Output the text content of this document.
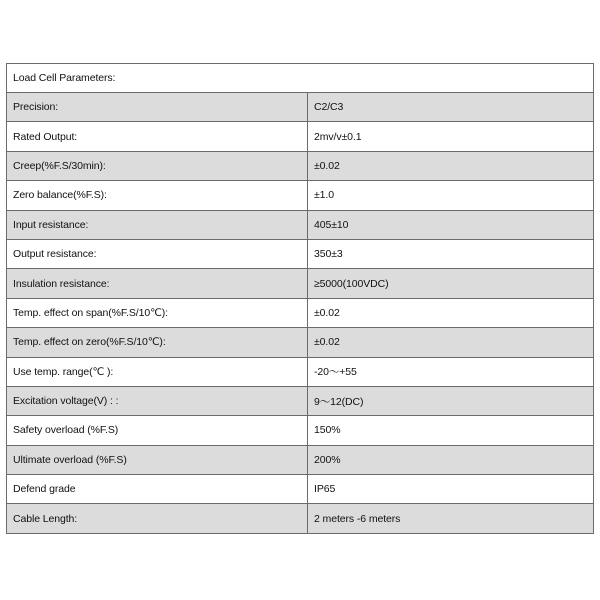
Load Cell Parameters:	
Precision:	C2/C3
Rated Output:	2mv/v±0.1
Creep(%F.S/30min):	±0.02
Zero balance(%F.S):	±1.0
Input resistance:	405±10
Output resistance:	350±3
Insulation resistance:	≥5000(100VDC)
Temp. effect on span(%F.S/10℃):	±0.02
Temp. effect on zero(%F.S/10℃):	±0.02
Use temp. range(℃ ):	-20～+55
Excitation voltage(V) : :	9～12(DC)
Safety overload (%F.S)	150%
Ultimate overload (%F.S)	200%
Defend grade	IP65
Cable Length:	2 meters -6 meters
